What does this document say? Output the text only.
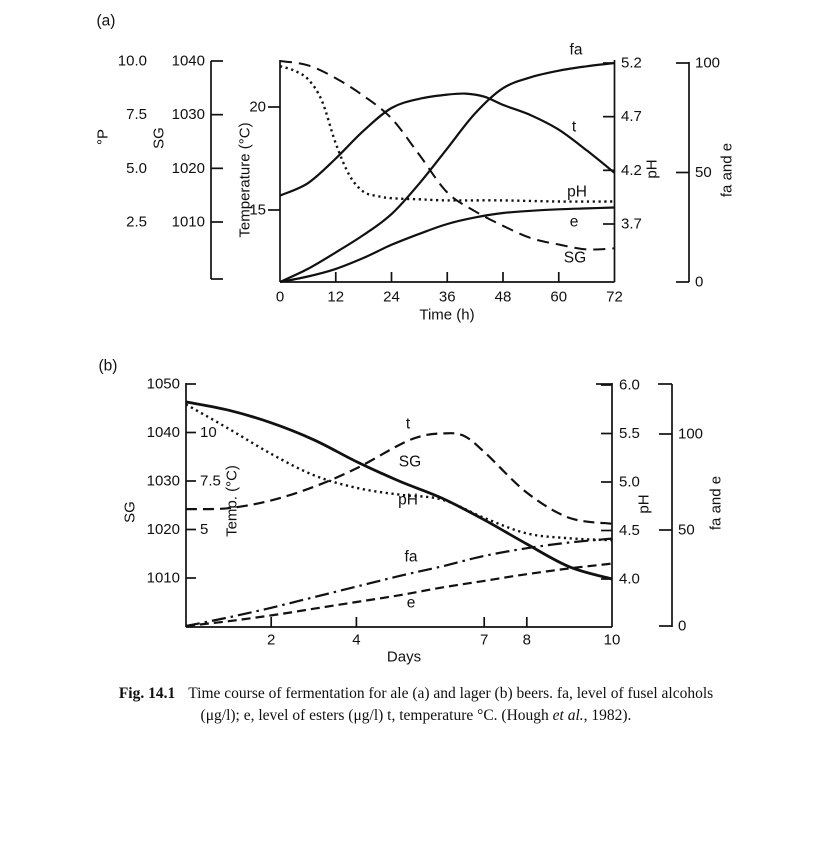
(a)
0	12	24	36	48	60	72
Time (h)
1040
1030
1020
1010
10.0
7.5
5.0
2.5
°P	SG
20
15
Temperature (°C)
5.2
4.7
4.2
3.7
pH
100
50
0
fa and e
t
SG
pH
fa
e
(b)
2	4	7 8	10
Days
1050
1040
1030
1020
1010
10
7.5
5
SG	Temp. (°C)
6.0
5.5
5.0
4.5
4.0
pH
100
50
0
fa and e
SG
pH
t
fa
e
Fig. 14.1 Time course of fermentation for ale (a) and lager (b) beers. fa, level of fusel alcohols
(μg/l); e, level of esters (μg/l) t, temperature °C. (Hough et al., 1982).
